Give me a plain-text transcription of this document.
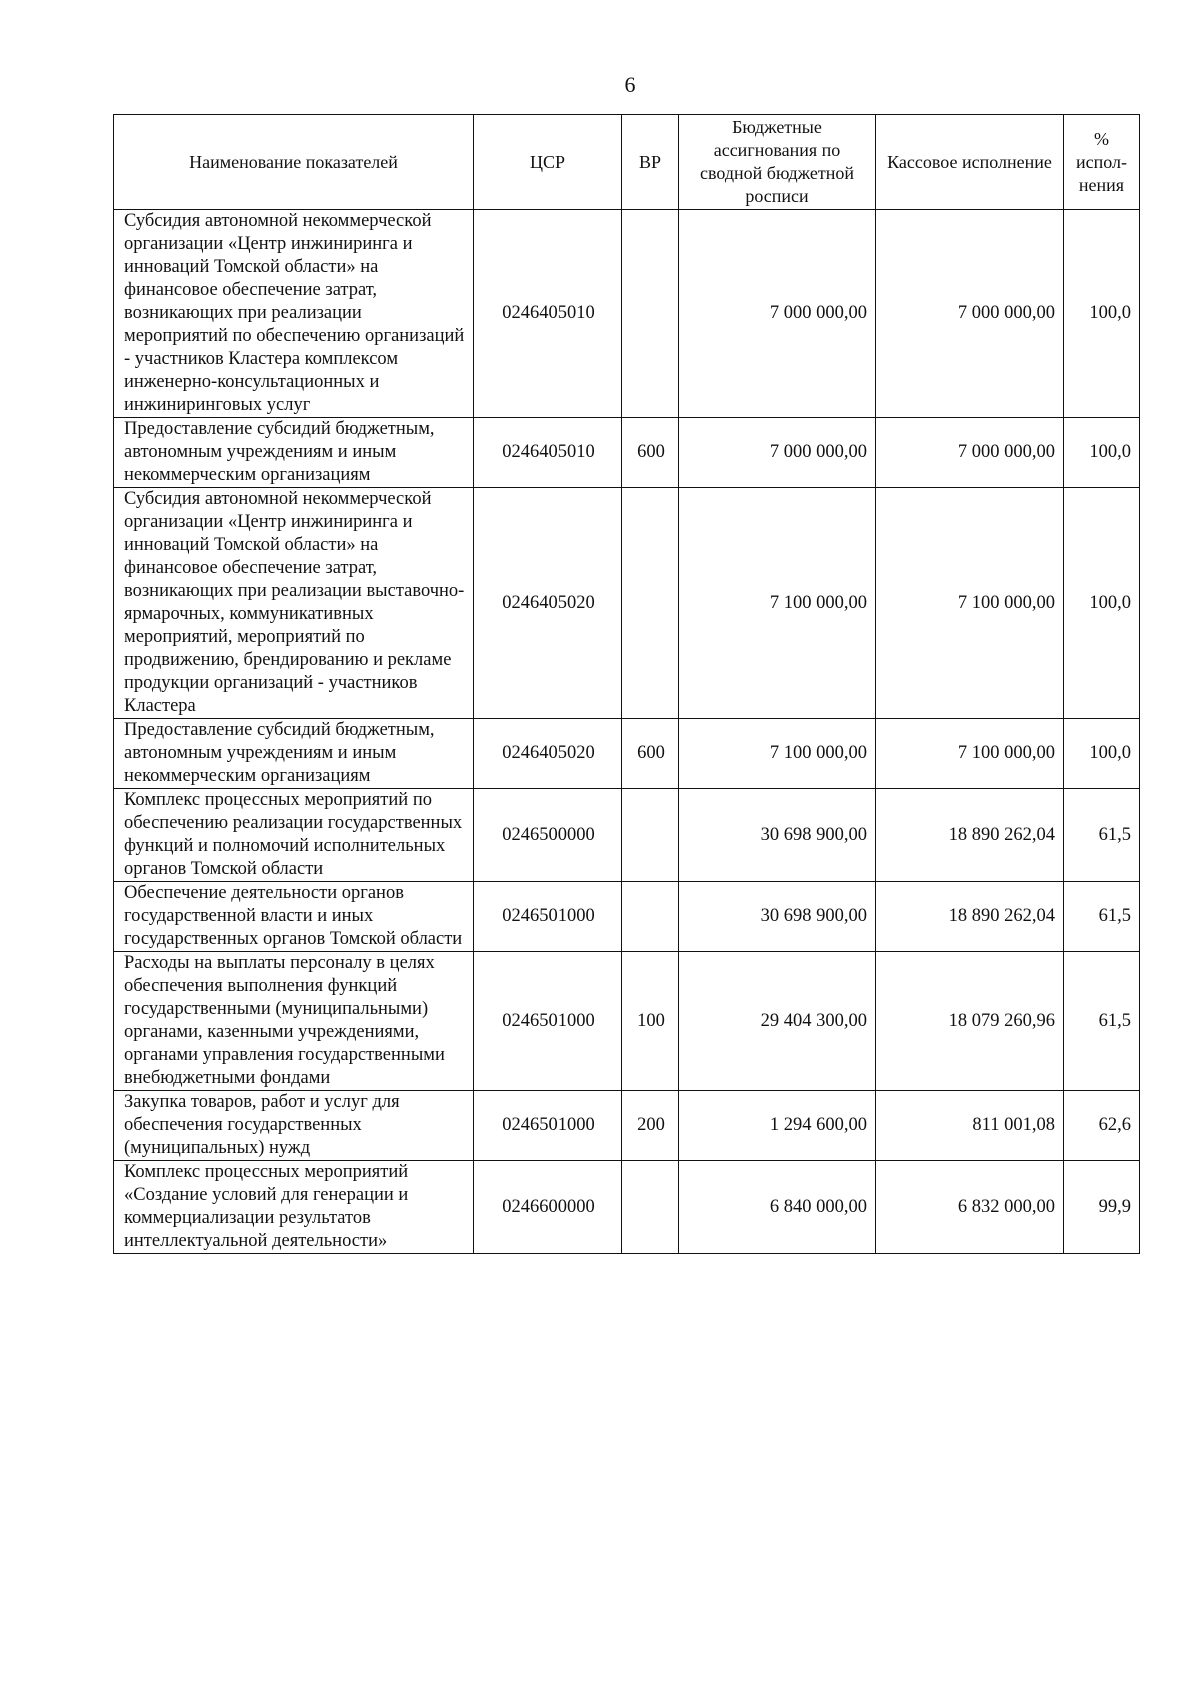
6
Наименование показателей	ЦСР	ВР	Бюджетные ассигнования по сводной бюджетной росписи	Кассовое исполнение	% испол-нения
Субсидия автономной некоммерческой организации «Центр инжиниринга и инноваций Томской области» на финансовое обеспечение затрат, возникающих при реализации мероприятий по обеспечению организаций - участников Кластера комплексом инженерно-консультационных и инжиниринговых услуг	0246405010		7 000 000,00	7 000 000,00	100,0
Предоставление субсидий бюджетным, автономным учреждениям и иным некоммерческим организациям	0246405010	600	7 000 000,00	7 000 000,00	100,0
Субсидия автономной некоммерческой организации «Центр инжиниринга и инноваций Томской области» на финансовое обеспечение затрат, возникающих при реализации выставочно-ярмарочных, коммуникативных мероприятий, мероприятий по продвижению, брендированию и рекламе продукции организаций - участников Кластера	0246405020		7 100 000,00	7 100 000,00	100,0
Предоставление субсидий бюджетным, автономным учреждениям и иным некоммерческим организациям	0246405020	600	7 100 000,00	7 100 000,00	100,0
Комплекс процессных мероприятий по обеспечению реализации государственных функций и полномочий исполнительных органов Томской области	0246500000		30 698 900,00	18 890 262,04	61,5
Обеспечение деятельности органов государственной власти и иных государственных органов Томской области	0246501000		30 698 900,00	18 890 262,04	61,5
Расходы на выплаты персоналу в целях обеспечения выполнения функций государственными (муниципальными) органами, казенными учреждениями, органами управления государственными внебюджетными фондами	0246501000	100	29 404 300,00	18 079 260,96	61,5
Закупка товаров, работ и услуг для обеспечения государственных (муниципальных) нужд	0246501000	200	1 294 600,00	811 001,08	62,6
Комплекс процессных мероприятий «Создание условий для генерации и коммерциализации результатов интеллектуальной деятельности»	0246600000		6 840 000,00	6 832 000,00	99,9
